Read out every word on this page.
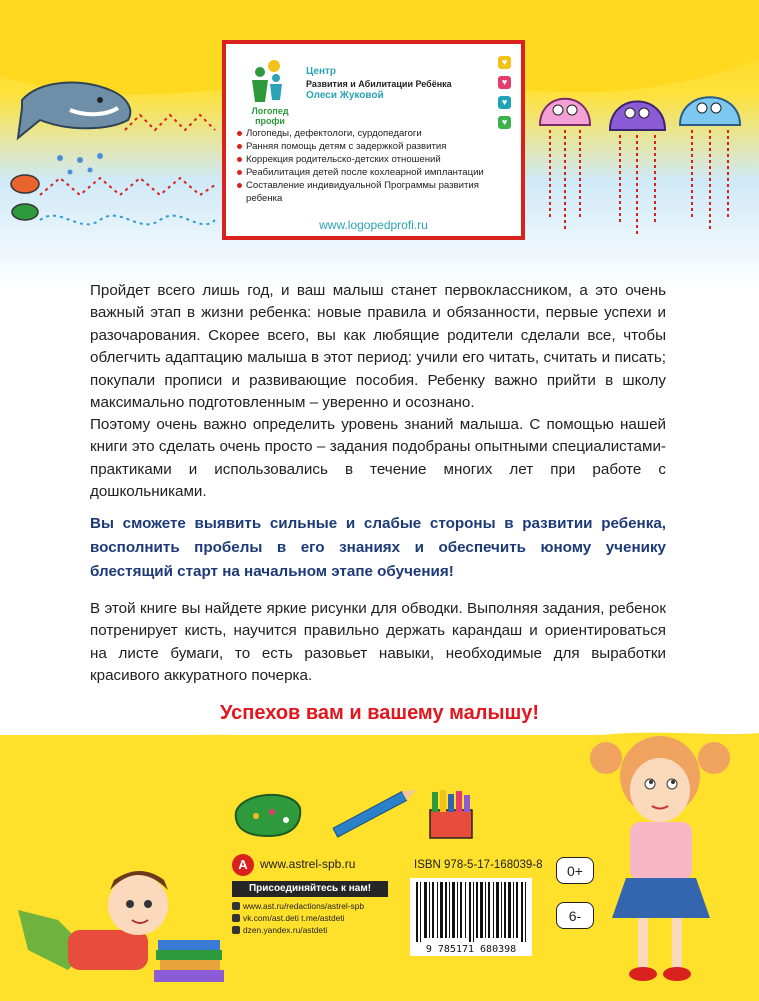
Логопед профи
Центр
Развития и Абилитации Ребёнка
Олеси Жуковой
♥
♥
♥
♥
Логопеды, дефектологи, сурдопедагоги
Ранняя помощь детям с задержкой развития
Коррекция родительско-детских отношений
Реабилитация детей после кохлеарной имплантации
Составление индивидуальной Программы развития ребенка
www.logopedprofi.ru

Пройдет всего лишь год, и ваш малыш станет первоклассником, а это очень важный этап в жизни ребенка: новые правила и обязанности, первые успехи и разочарования. Скорее всего, вы как любящие родители сделали все, чтобы облегчить адаптацию малыша в этот период: учили его читать, считать и писать; покупали прописи и развивающие пособия. Ребенку важно прийти в школу максимально подготовленным – уверенно и осознано.

Поэтому очень важно определить уровень знаний малыша. С помощью нашей книги это сделать очень просто – задания подобраны опытными специалистами-практиками и использовались в течение многих лет при работе с дошкольниками.

Вы сможете выявить сильные и слабые стороны в развитии ребенка, восполнить пробелы в его знаниях и обеспечить юному ученику блестящий старт на начальном этапе обучения!

В этой книге вы найдете яркие рисунки для обводки. Выполняя задания, ребенок потренирует кисть, научится правильно держать карандаш и ориентироваться на листе бумаги, то есть разовьет навыки, необходимые для выработки красивого аккуратного почерка.

Успехов вам и вашему малышу!

A	www.astrel-spb.ru
Присоединяйтесь к нам!
www.ast.ru/redactions/astrel-spb
vk.com/ast.deti t.me/astdeti
dzen.yandex.ru/astdeti
ISBN 978-5-17-168039-8
9 785171 680398
0+
6-
